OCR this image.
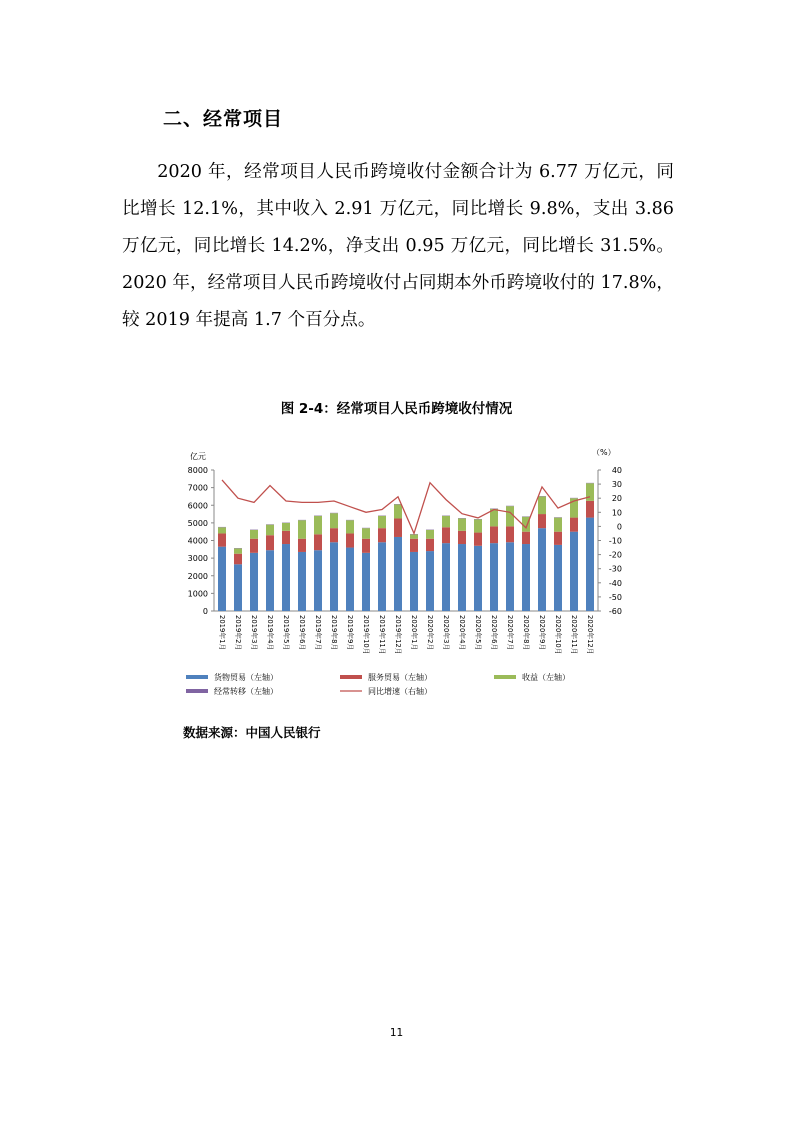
二、经常项目

2020 年，经常项目人民币跨境收付金额合计为 6.77 万亿元，同比增长 12.1%，其中收入 2.91 万亿元，同比增长 9.8%，支出 3.86 万亿元，同比增长 14.2%，净支出 0.95 万亿元，同比增长 31.5%。2020 年，经常项目人民币跨境收付占同期本外币跨境收付的 17.8%，较 2019 年提高 1.7 个百分点。

图 2-4：经常项目人民币跨境收付情况
亿元	（%）
0
1000
2000
3000
4000
5000
6000
7000
8000	40
30
20
10
0
-10
-20
-30
-40
-50
-60
2019年1月 2019年2月 2019年3月 2019年4月 2019年5月 2019年6月 2019年7月 2019年8月 2019年9月 2019年10月 2019年11月 2019年12月 2020年1月 2020年2月 2020年3月 2020年4月 2020年5月 2020年6月 2020年7月 2020年8月 2020年9月 2020年10月 2020年11月 2020年12月
货物贸易（左轴）	服务贸易（左轴）	收益（左轴）
经常转移（左轴）	同比增速（右轴）
数据来源：中国人民银行
11
